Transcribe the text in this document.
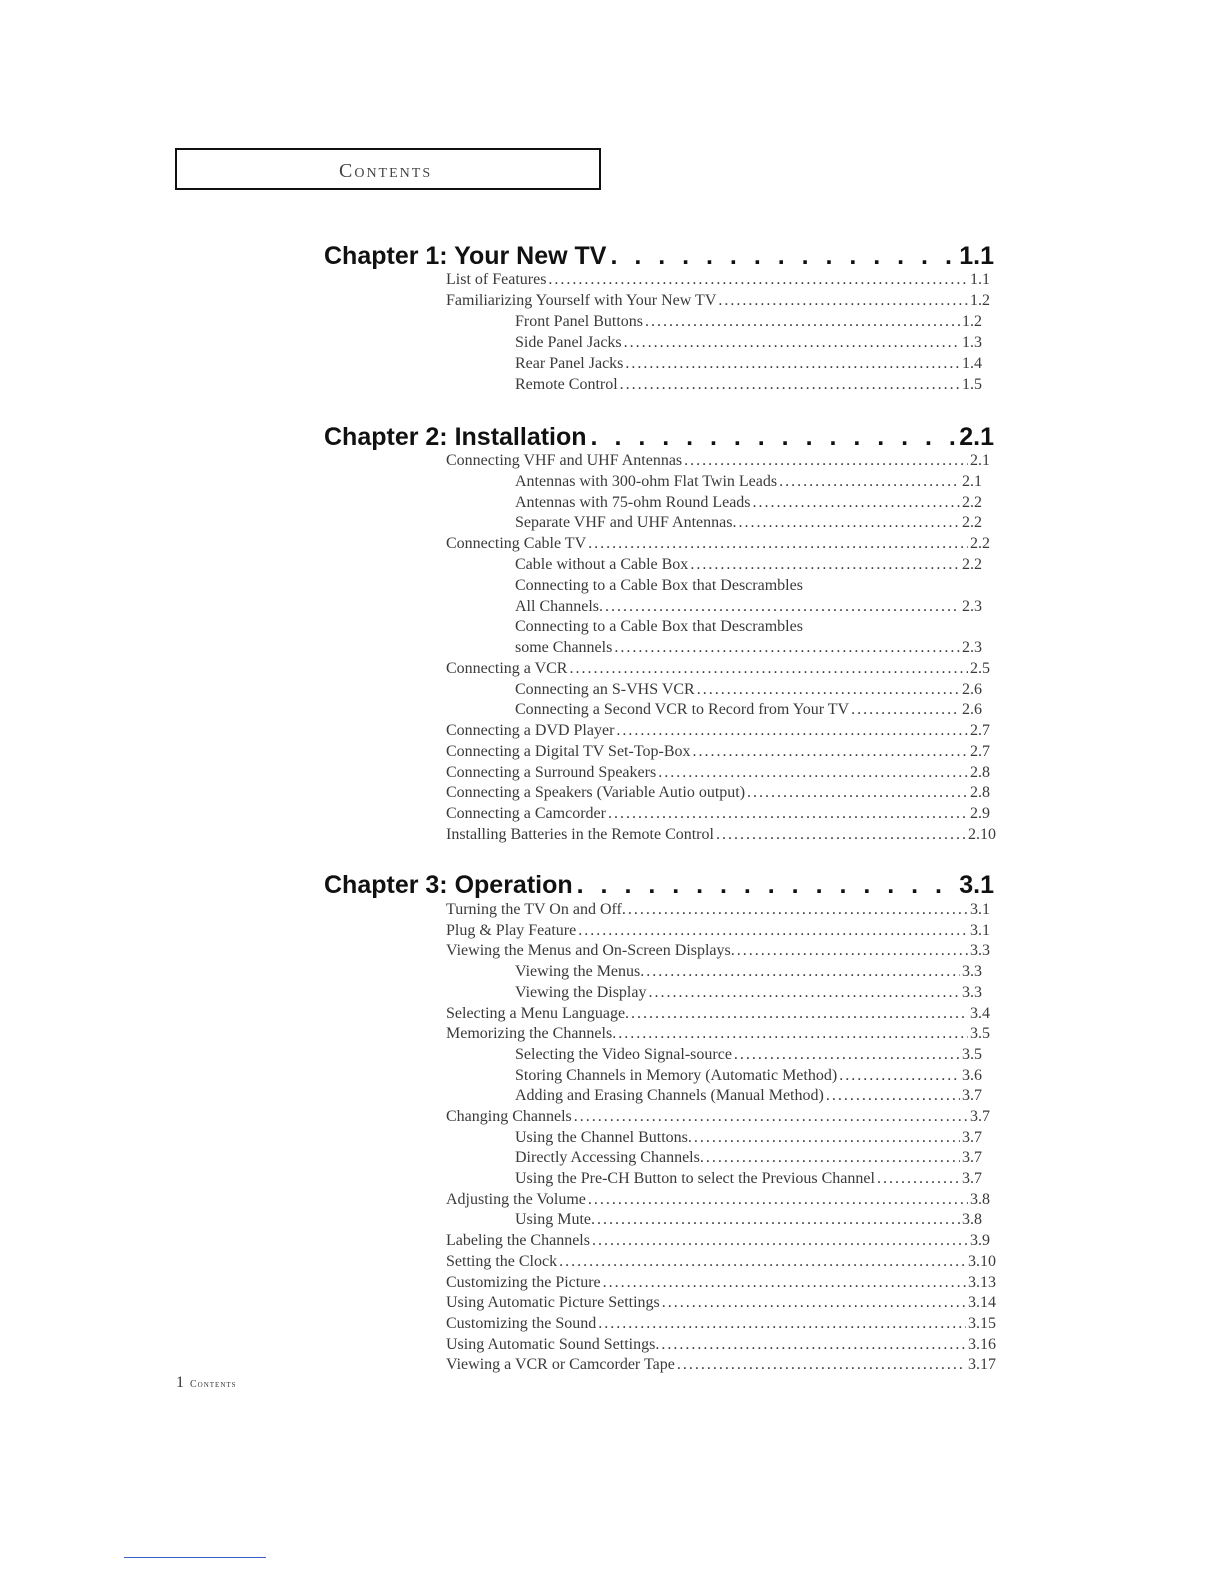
Contents
Chapter 1: Your New TV . . .	1.1
List of Features .....	1.1
Familiarizing Yourself with Your New TV .....	1.2
Front Panel Buttons .....	1.2
Side Panel Jacks .....	1.3
Rear Panel Jacks .....	1.4
Remote Control .....	1.5
Chapter 2: Installation . . .	2.1
Connecting VHF and UHF Antennas .....	2.1
Antennas with 300-ohm Flat Twin Leads .....	2.1
Antennas with 75-ohm Round Leads .....	2.2
Separate VHF and UHF Antennas. .....	2.2
Connecting Cable TV .....	2.2
Cable without a Cable Box .....	2.2
Connecting to a Cable Box that Descrambles
All Channels. .....	2.3
Connecting to a Cable Box that Descrambles
some Channels .....	2.3
Connecting a VCR .....	2.5
Connecting an S-VHS VCR .....	2.6
Connecting a Second VCR to Record from Your TV .....	2.6
Connecting a DVD Player .....	2.7
Connecting a Digital TV Set-Top-Box .....	2.7
Connecting a Surround Speakers .....	2.8
Connecting a Speakers (Variable Autio output) .....	2.8
Connecting a Camcorder .....	2.9
Installing Batteries in the Remote Control .....	2.10
Chapter 3: Operation . . .	3.1
Turning the TV On and Off. .....	3.1
Plug & Play Feature .....	3.1
Viewing the Menus and On-Screen Displays. .....	3.3
Viewing the Menus. .....	3.3
Viewing the Display .....	3.3
Selecting a Menu Language. .....	3.4
Memorizing the Channels. .....	3.5
Selecting the Video Signal-source .....	3.5
Storing Channels in Memory (Automatic Method) .....	3.6
Adding and Erasing Channels (Manual Method) .....	3.7
Changing Channels .....	3.7
Using the Channel Buttons. .....	3.7
Directly Accessing Channels. .....	3.7
Using the Pre-CH Button to select the Previous Channel .....	3.7
Adjusting the Volume .....	3.8
Using Mute. .....	3.8
Labeling the Channels .....	3.9
Setting the Clock .....	3.10
Customizing the Picture .....	3.13
Using Automatic Picture Settings .....	3.14
Customizing the Sound .....	3.15
Using Automatic Sound Settings. .....	3.16
Viewing a VCR or Camcorder Tape .....	3.17
1 Contents
